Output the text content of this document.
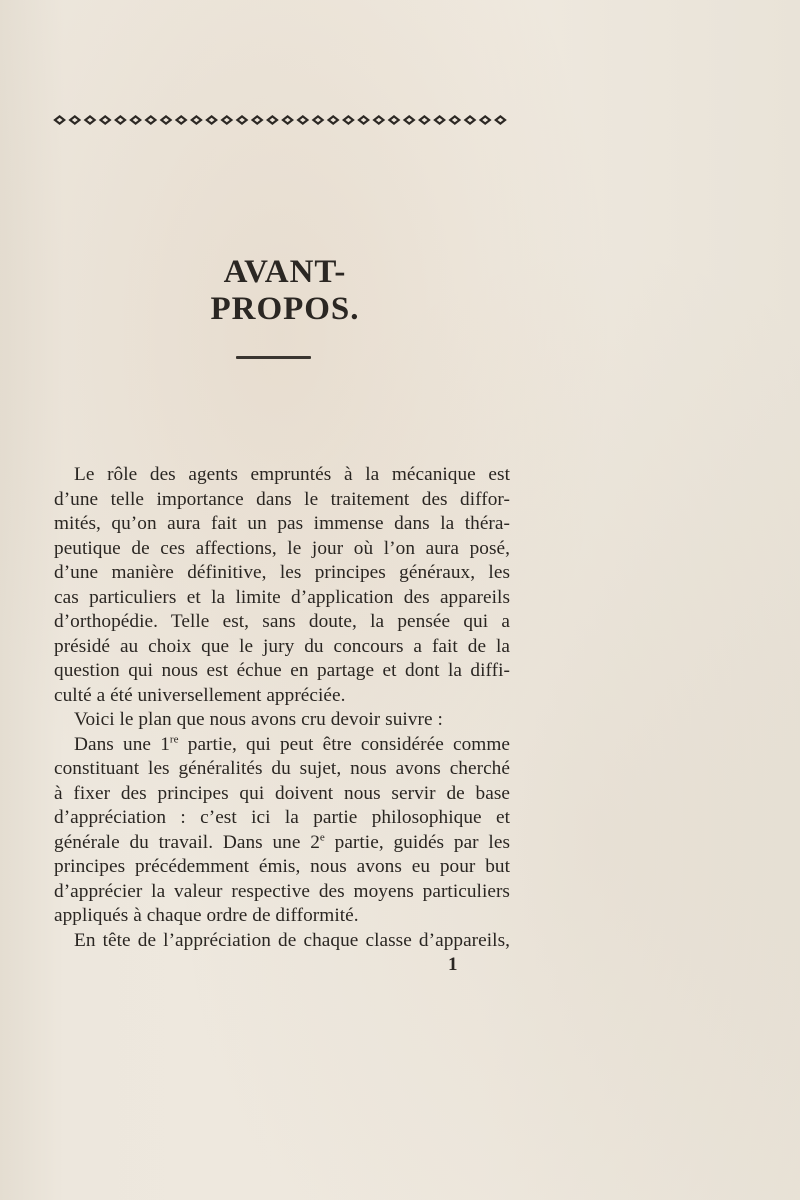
AVANT-PROPOS.
Le rôle des agents empruntés à la mécanique est
d’une telle importance dans le traitement des diffor-
mités, qu’on aura fait un pas immense dans la théra-
peutique de ces affections, le jour où l’on aura posé,
d’une manière définitive, les principes généraux, les
cas particuliers et la limite d’application des appareils
d’orthopédie. Telle est, sans doute, la pensée qui a
présidé au choix que le jury du concours a fait de la
question qui nous est échue en partage et dont la diffi-
culté a été universellement appréciée.
Voici le plan que nous avons cru devoir suivre :
Dans une 1re partie, qui peut être considérée comme
constituant les généralités du sujet, nous avons cherché
à fixer des principes qui doivent nous servir de base
d’appréciation : c’est ici la partie philosophique et
générale du travail. Dans une 2e partie, guidés par les
principes précédemment émis, nous avons eu pour but
d’apprécier la valeur respective des moyens particuliers
appliqués à chaque ordre de difformité.
En tête de l’appréciation de chaque classe d’appareils,
1
